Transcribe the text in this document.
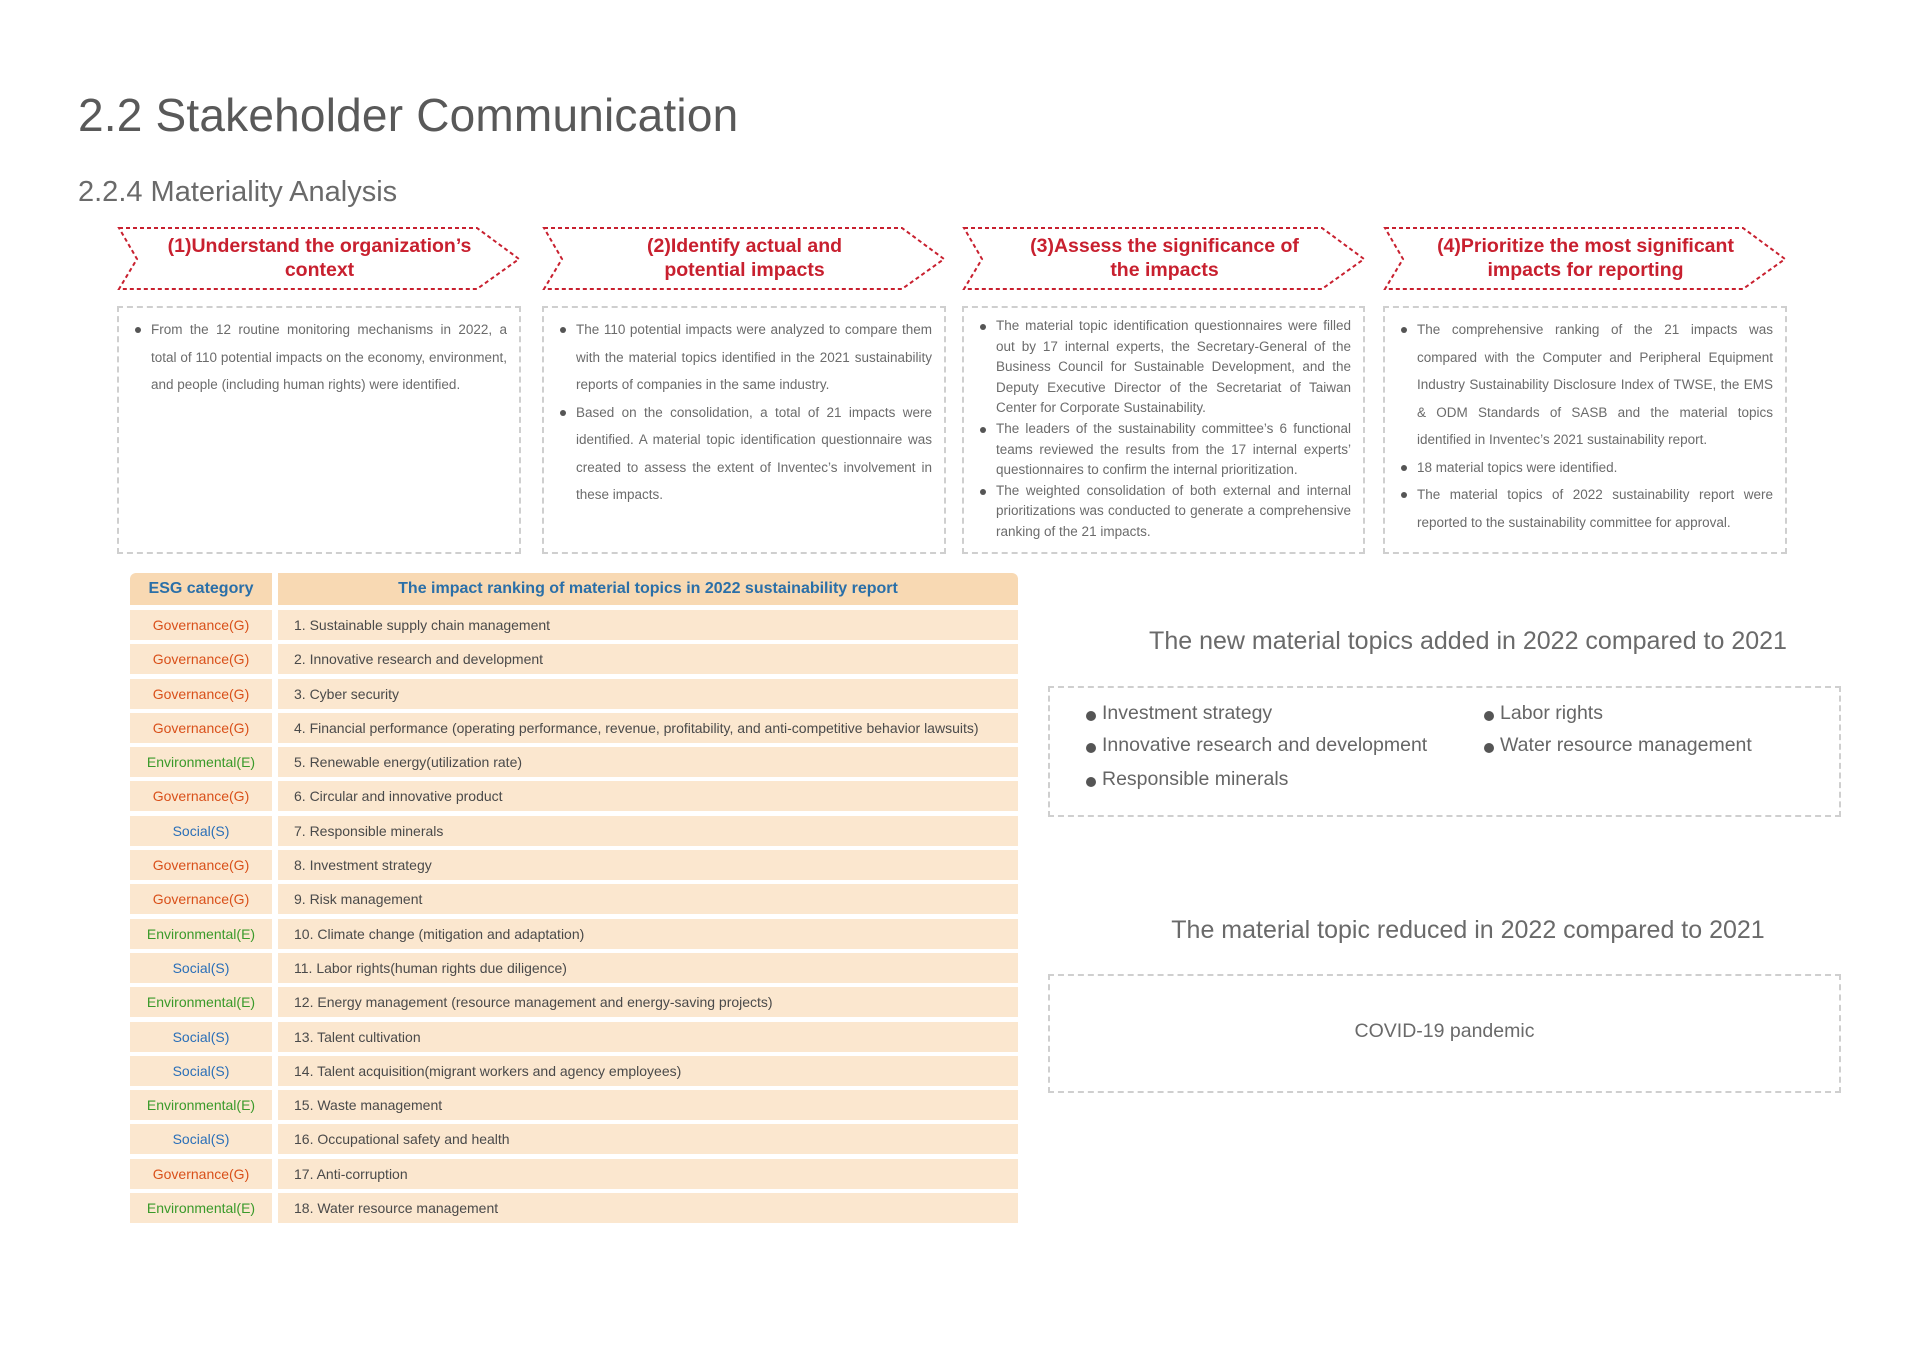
2.2 Stakeholder Communication
2.2.4 Materiality Analysis
(1)Understand the organization’s
context
(2)Identify actual and
potential impacts
(3)Assess the significance of
the impacts
(4)Prioritize the most significant
impacts for reporting
From the 12 routine monitoring mechanisms in 2022, a total of 110 potential impacts on the economy, environment, and people (including human rights) were identified.
The 110 potential impacts were analyzed to compare them with the material topics identified in the 2021 sustainability reports of companies in the same industry.
Based on the consolidation, a total of 21 impacts were identified. A material topic identification questionnaire was created to assess the extent of Inventec’s involvement in these impacts.
The material topic identification questionnaires were filled out by 17 internal experts, the Secretary-General of the Business Council for Sustainable Development, and the Deputy Executive Director of the Secretariat of Taiwan Center for Corporate Sustainability.
The leaders of the sustainability committee’s 6 functional teams reviewed the results from the 17 internal experts’ questionnaires to confirm the internal prioritization.
The weighted consolidation of both external and internal prioritizations was conducted to generate a comprehensive ranking of the 21 impacts.
The comprehensive ranking of the 21 impacts was compared with the Computer and Peripheral Equipment Industry Sustainability Disclosure Index of TWSE, the EMS & ODM Standards of SASB and the material topics identified in Inventec’s 2021 sustainability report.
18 material topics were identified.
The material topics of 2022 sustainability report were reported to the sustainability committee for approval.
ESG category	The impact ranking of material topics in 2022 sustainability report
Governance(G)	1. Sustainable supply chain management
Governance(G)	2. Innovative research and development
Governance(G)	3. Cyber security
Governance(G)	4. Financial performance (operating performance, revenue, profitability, and anti-competitive behavior lawsuits)
Environmental(E)	5. Renewable energy(utilization rate)
Governance(G)	6. Circular and innovative product
Social(S)	7. Responsible minerals
Governance(G)	8. Investment strategy
Governance(G)	9. Risk management
Environmental(E)	10. Climate change (mitigation and adaptation)
Social(S)	11. Labor rights(human rights due diligence)
Environmental(E)	12. Energy management (resource management and energy-saving projects)
Social(S)	13. Talent cultivation
Social(S)	14. Talent acquisition(migrant workers and agency employees)
Environmental(E)	15. Waste management
Social(S)	16. Occupational safety and health
Governance(G)	17. Anti-corruption
Environmental(E)	18. Water resource management
The new material topics added in 2022 compared to 2021
Investment strategy	Labor rights
Innovative research and development	Water resource management
Responsible minerals
The material topic reduced in 2022 compared to 2021
COVID-19 pandemic
